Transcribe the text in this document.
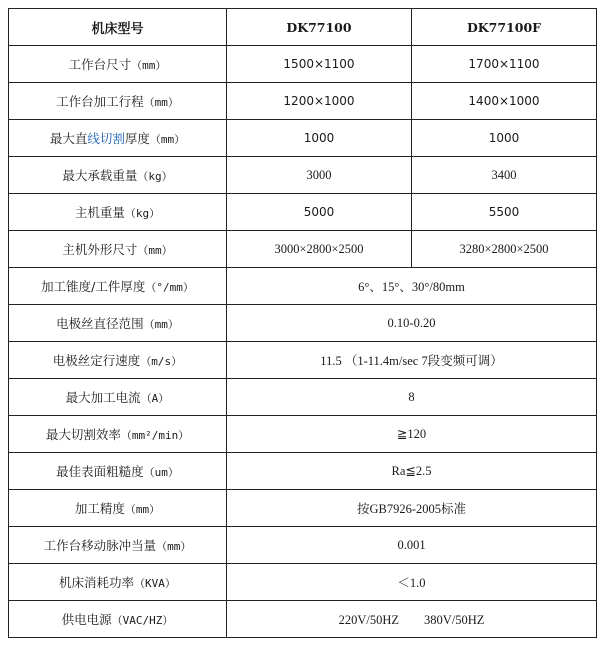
机床型号	DK77100	DK77100F
工作台尺寸（mm）	1500×1100	1700×1100
工作台加工行程（mm）	1200×1000	1400×1000
最大直线切割厚度（mm）	1000	1000
最大承载重量（kg）	3000	3400
主机重量（kg）	5000	5500
主机外形尺寸（mm）	3000×2800×2500	3280×2800×2500
加工锥度/工件厚度（°/mm）	6°、15°、30°/80mm	
电极丝直径范围（mm）	0.10-0.20	
电极丝定行速度（m/s）	11.5 （1-11.4m/sec 7段变频可调）	
最大加工电流（A）	8	
最大切割效率（mm²/min）	≧120	
最佳表面粗糙度（um）	Ra≦2.5	
加工精度（mm）	按GB7926-2005标准	
工作台移动脉冲当量（mm）	0.001	
机床消耗功率（KVA）	＜1.0	
供电电源（VAC/HZ）	220V/50HZ　　380V/50HZ	
